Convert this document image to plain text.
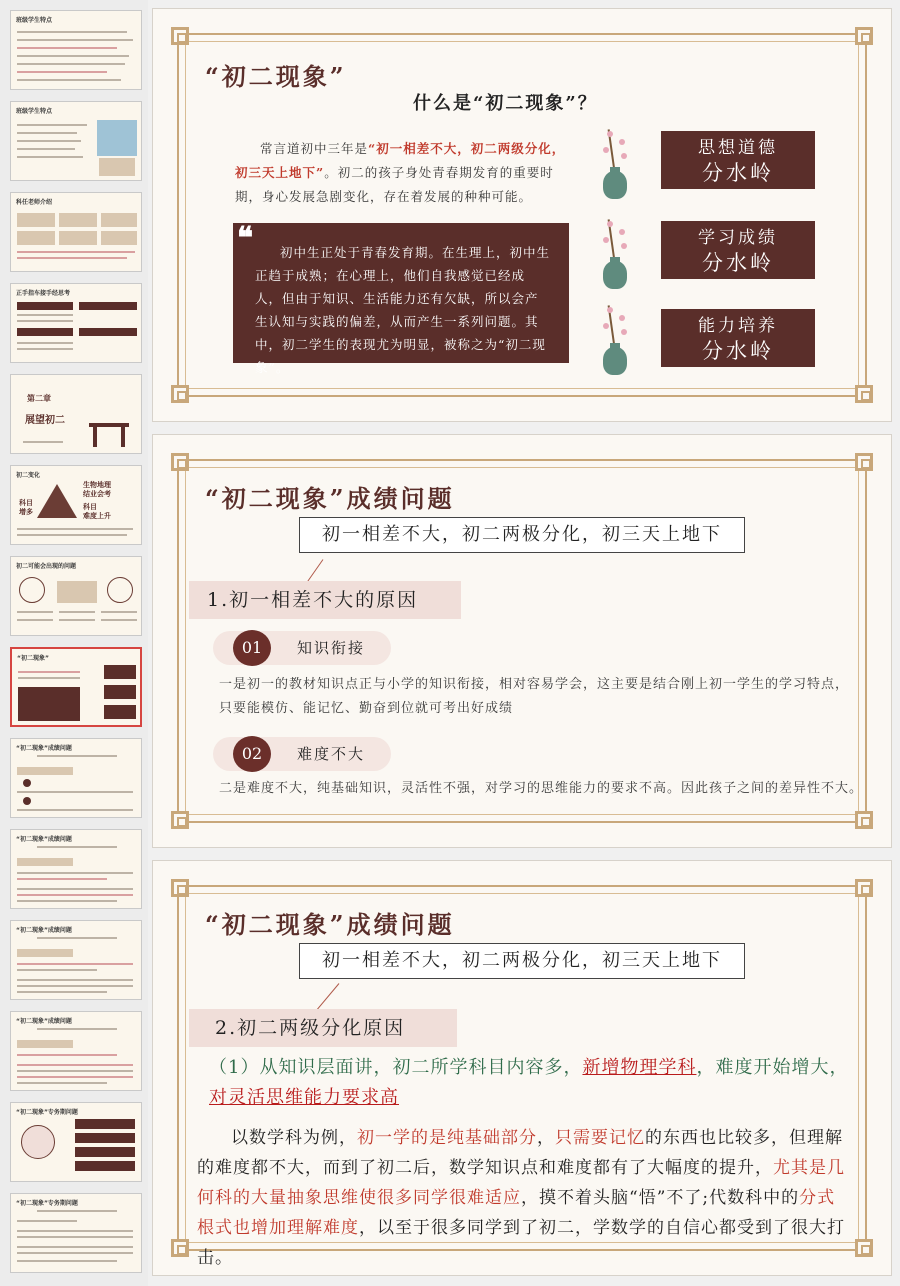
班级学生特点
班级学生特点
科任老师介绍
正手指车接手经思考
第二章
展望初二
初二变化
生物地理
结业会考
科目
增多
科目
难度上升
初二可能会出现的问题
“初二现象”
“初二现象”成绩问题
“初二现象”成绩问题
“初二现象”成绩问题
“初二现象”成绩问题
“初二现象”专务期问题
“初二现象”专务期问题
“初二现象”
什么是“初二现象”？
常言道初中三年是“初一相差不大，初二两级分化，初三天上地下”。初二的孩子身处青春期发育的重要时期，身心发展急剧变化，存在着发展的种种可能。
初中生正处于青春发育期。在生理上，初中生正趋于成熟；在心理上，他们自我感觉已经成人，但由于知识、生活能力还有欠缺，所以会产生认知与实践的偏差，从而产生一系列问题。其中，初二学生的表现尤为明显，被称之为“初二现象”。
❝
思想道德
分水岭
学习成绩
分水岭
能力培养
分水岭
“初二现象”成绩问题
初一相差不大，初二两极分化，初三天上地下
1.初一相差不大的原因
01	知识衔接
一是初一的教材知识点正与小学的知识衔接，相对容易学会，这主要是结合刚上初一学生的学习特点，只要能模仿、能记忆、勤奋到位就可考出好成绩
02	难度不大
二是难度不大，纯基础知识，灵活性不强，对学习的思维能力的要求不高。因此孩子之间的差异性不大。
“初二现象”成绩问题
初一相差不大，初二两极分化，初三天上地下
2.初二两级分化原因
（1）从知识层面讲，初二所学科目内容多，新增物理学科，难度开始增大，对灵活思维能力要求高
以数学科为例，初一学的是纯基础部分，只需要记忆的东西也比较多，但理解的难度都不大，而到了初二后，数学知识点和难度都有了大幅度的提升，尤其是几何科的大量抽象思维使很多同学很难适应，摸不着头脑“悟”不了;代数科中的分式根式也增加理解难度，以至于很多同学到了初二，学数学的自信心都受到了很大打击。
